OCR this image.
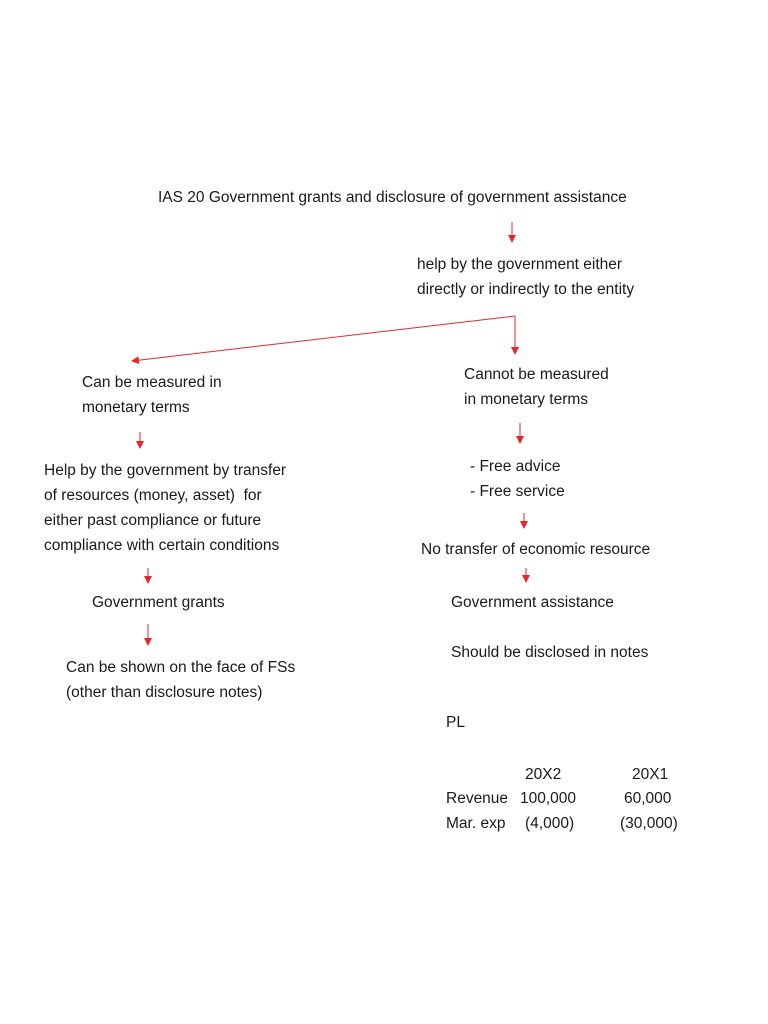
IAS 20 Government grants and disclosure of government assistance
help by the government either
directly or indirectly to the entity
Can be measured in
monetary terms
Help by the government by transfer
of resources (money, asset)  for
either past compliance or future
compliance with certain conditions
Government grants
Can be shown on the face of FSs
(other than disclosure notes)
Cannot be measured
in monetary terms
- Free advice
- Free service
No transfer of economic resource
Government assistance
Should be disclosed in notes
PL
20X2	20X1
Revenue 100,000	60,000
Mar. exp (4,000)	(30,000)
